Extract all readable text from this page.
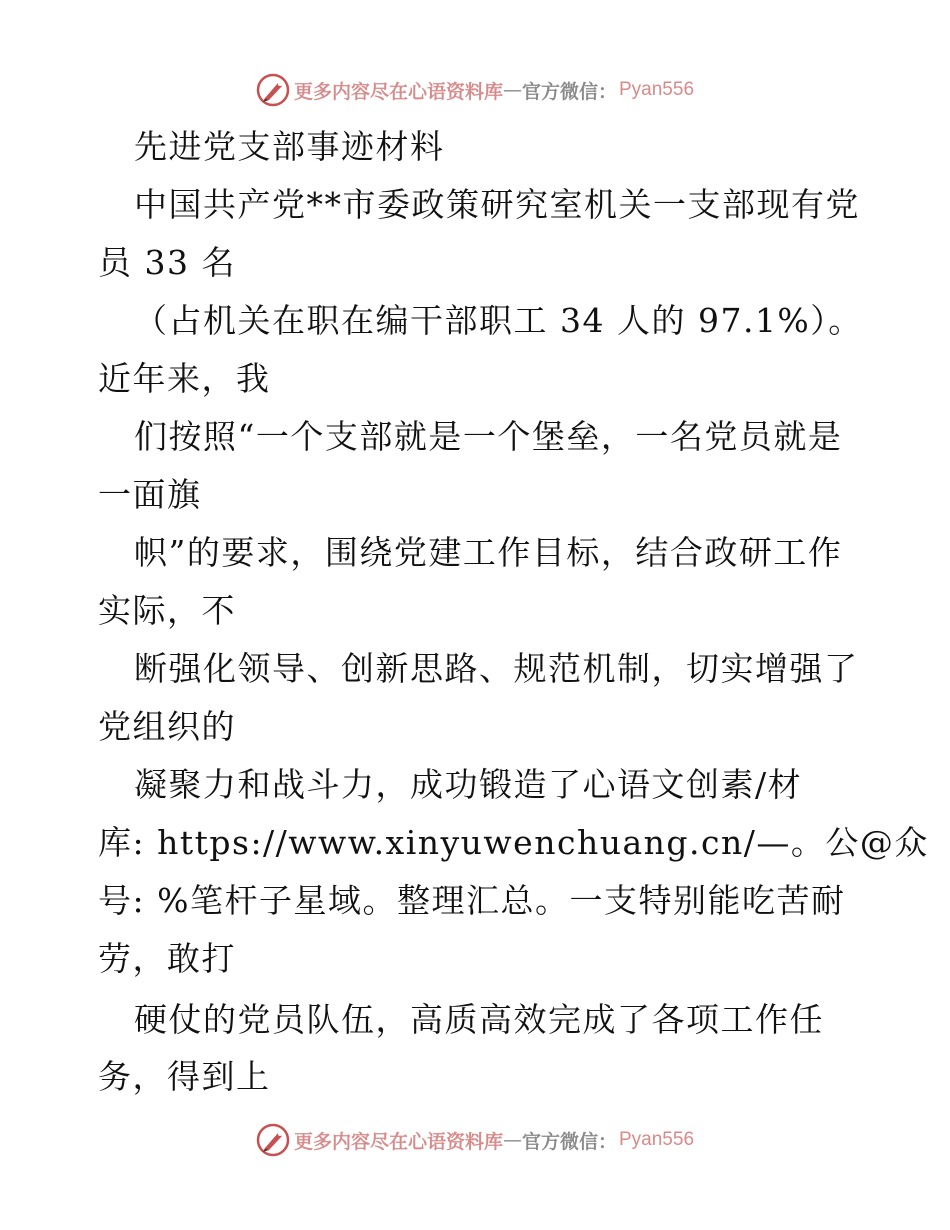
更多内容尽在心语资料库 — 官方微信： Pyan556
先进党支部事迹材料
中国共产党**市委政策研究室机关一支部现有党
员 33 名
（占机关在职在编干部职工 34 人的 97.1%）。
近年来，我
们按照“一个支部就是一个堡垒，一名党员就是
一面旗
帜”的要求，围绕党建工作目标，结合政研工作
实际，不
断强化领导、创新思路、规范机制，切实增强了
党组织的
凝聚力和战斗力，成功锻造了心语文创素/材
库: https://www.xinyuwenchuang.cn/—。公@众
号: %笔杆子星域。整理汇总。一支特别能吃苦耐
劳，敢打
硬仗的党员队伍，高质高效完成了各项工作任
务，得到上
更多内容尽在心语资料库 — 官方微信： Pyan556
